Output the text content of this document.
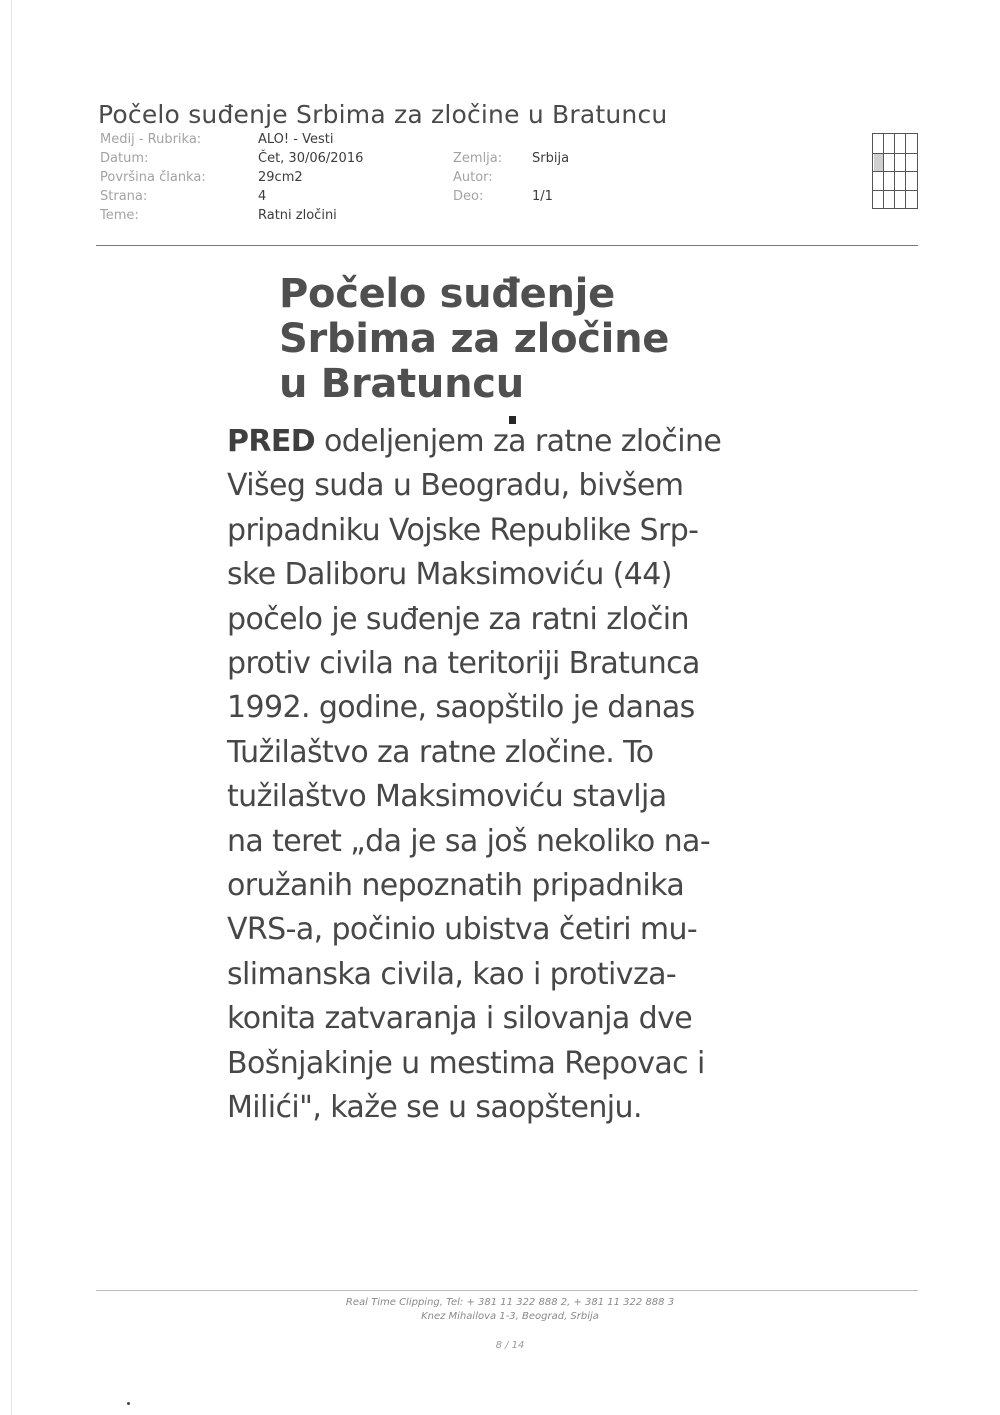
Počelo suđenje Srbima za zločine u Bratuncu
Medij - Rubrika:	ALO! - Vesti
Datum:	Čet, 30/06/2016
Površina članka:	29cm2
Strana:	4
Teme:	Ratni zločini
Zemlja: Srbija
Autor:
Deo:	1/1
Počelo suđenje
Srbima za zločine
u Bratuncu
PRED odeljenjem za ratne zločine
Višeg suda u Beogradu, bivšem
pripadniku Vojske Republike Srp-
ske Daliboru Maksimoviću (44)
počelo je suđenje za ratni zločin
protiv civila na teritoriji Bratunca
1992. godine, saopštilo je danas
Tužilaštvo za ratne zločine. To
tužilaštvo Maksimoviću stavlja
na teret „da je sa još nekoliko na-
oružanih nepoznatih pripadnika
VRS-a, počinio ubistva četiri mu-
slimanska civila, kao i protivza-
konita zatvaranja i silovanja dve
Bošnjakinje u mestima Repovac i
Milići", kaže se u saopštenju.
Real Time Clipping, Tel: + 381 11 322 888 2, + 381 11 322 888 3
Knez Mihailova 1-3, Beograd, Srbija
8 / 14
